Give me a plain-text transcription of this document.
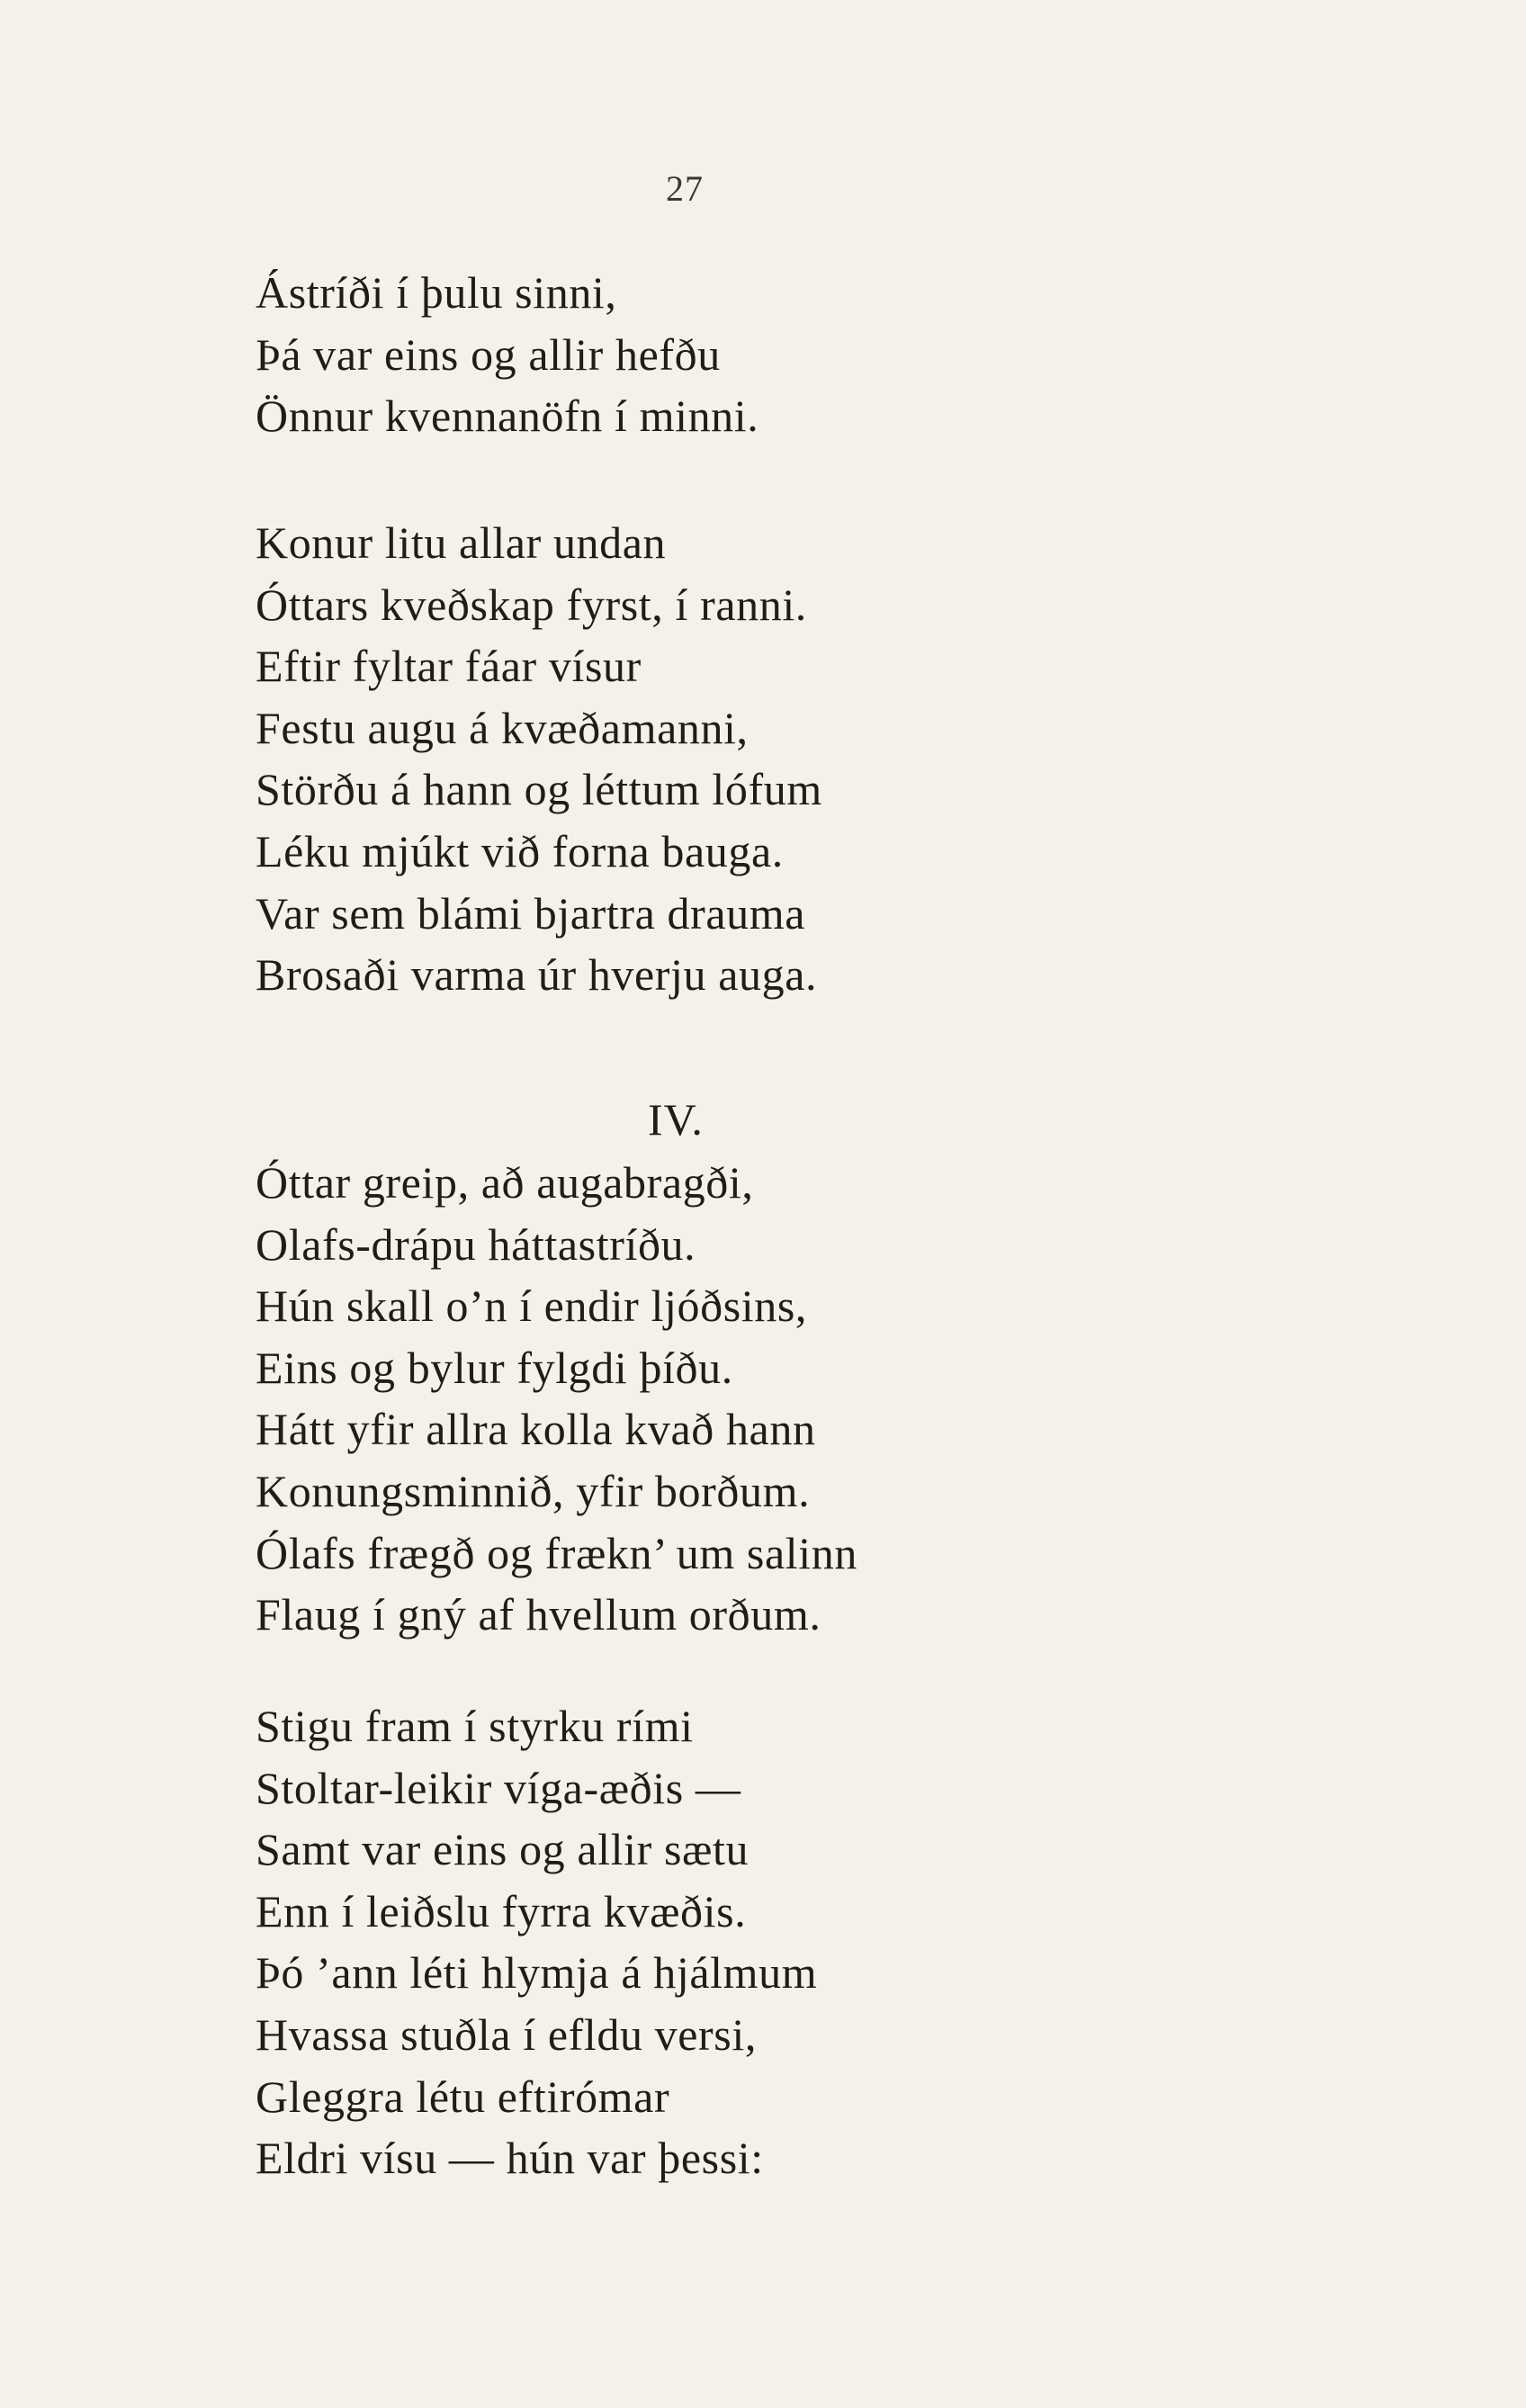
27
Ástríði í þulu sinni,
Þá var eins og allir hefðu
Önnur kvennanöfn í minni.
Konur litu allar undan
Óttars kveðskap fyrst, í ranni.
Eftir fyltar fáar vísur
Festu augu á kvæðamanni,
Störðu á hann og léttum lófum
Léku mjúkt við forna bauga.
Var sem blámi bjartra drauma
Brosaði varma úr hverju auga.
IV.
Óttar greip, að augabragði,
Olafs-drápu háttastríðu.
Hún skall o’n í endir ljóðsins,
Eins og bylur fylgdi þíðu.
Hátt yfir allra kolla kvað hann
Konungsminnið, yfir borðum.
Ólafs frægð og frækn’ um salinn
Flaug í gný af hvellum orðum.
Stigu fram í styrku rími
Stoltar-leikir víga-æðis —
Samt var eins og allir sætu
Enn í leiðslu fyrra kvæðis.
Þó ’ann léti hlymja á hjálmum
Hvassa stuðla í efldu versi,
Gleggra létu eftirómar
Eldri vísu — hún var þessi:
